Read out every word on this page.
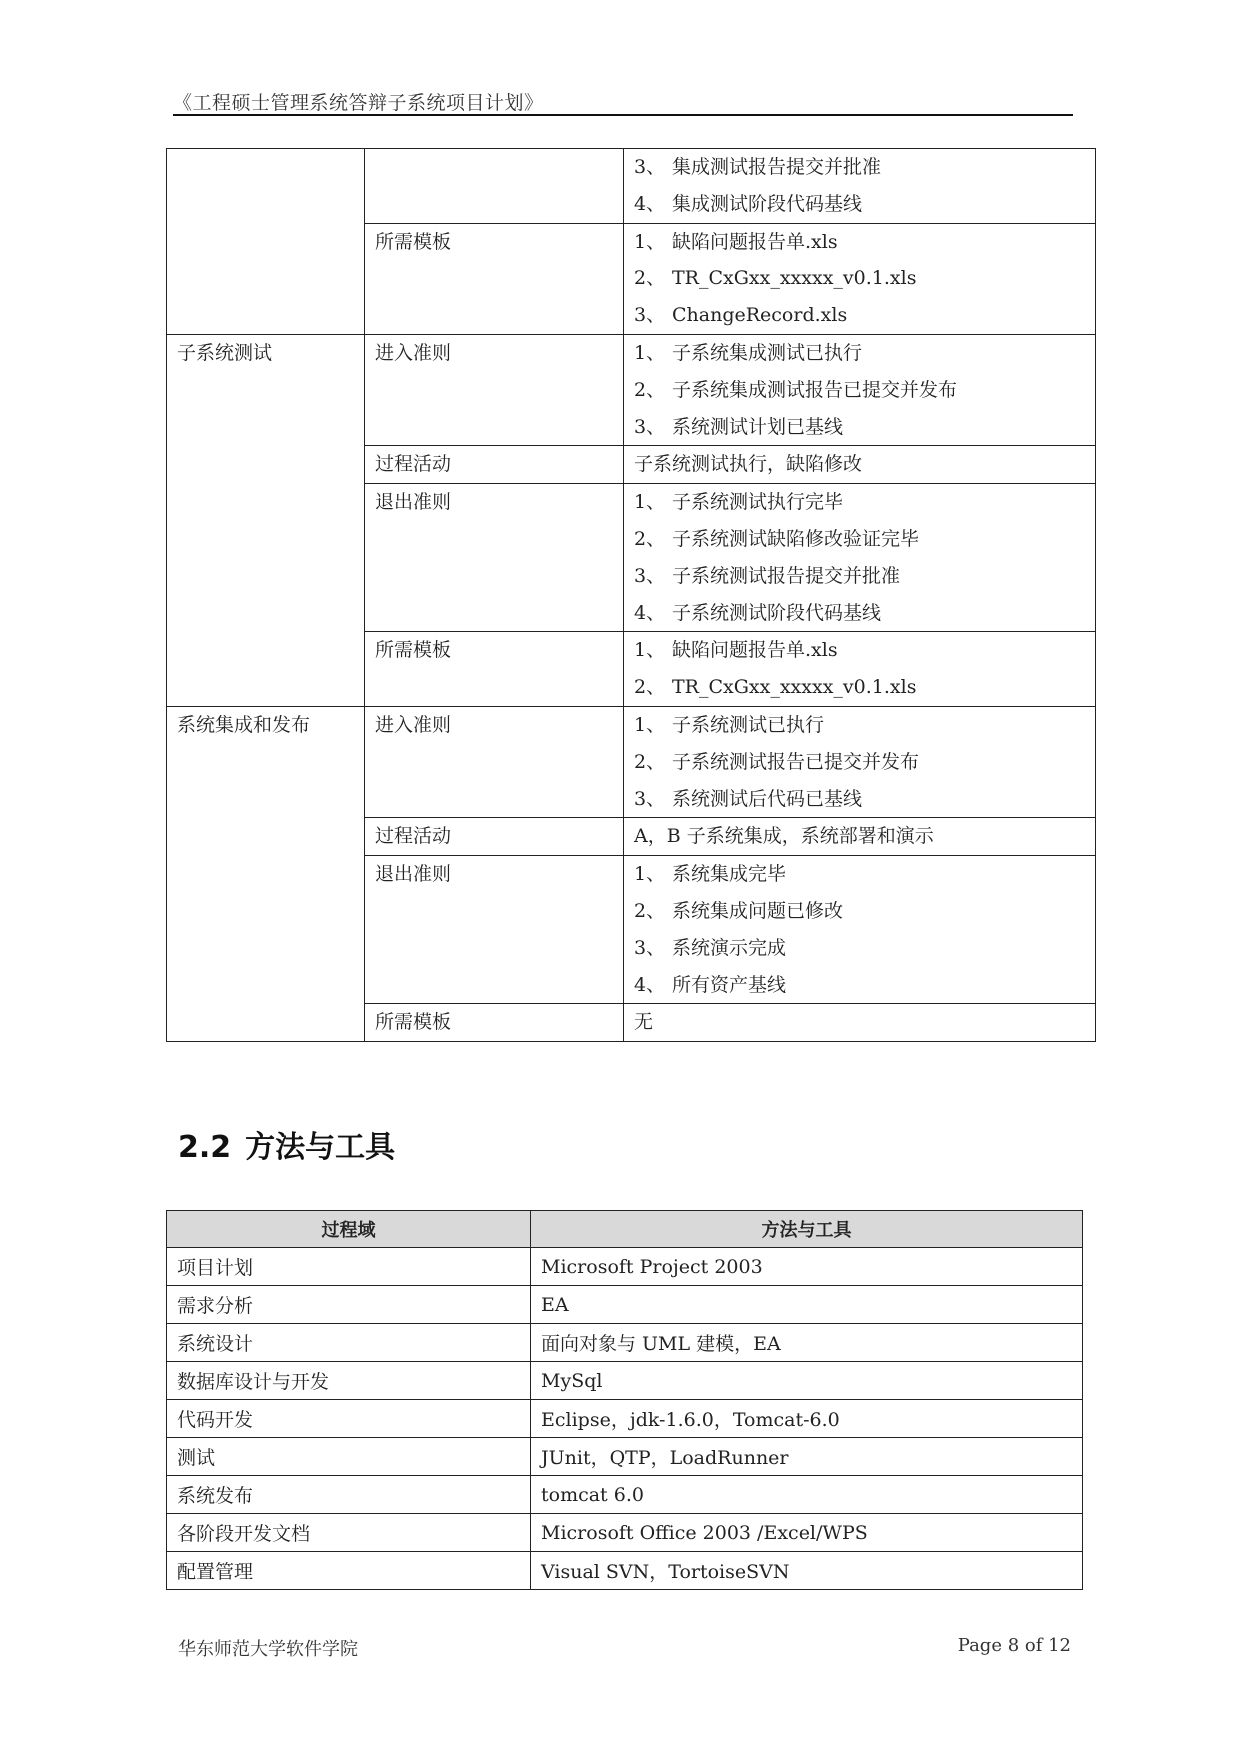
《工程硕士管理系统答辩子系统项目计划》

		3、 集成测试报告提交并批准
4、 集成测试阶段代码基线

	所需模板	1、 缺陷问题报告单.xls
2、 TR_CxGxx_xxxxx_v0.1.xls
3、 ChangeRecord.xls

子系统测试	进入准则	1、 子系统集成测试已执行
2、 子系统集成测试报告已提交并发布
3、 系统测试计划已基线

	过程活动	子系统测试执行，缺陷修改

	退出准则	1、 子系统测试执行完毕
2、 子系统测试缺陷修改验证完毕
3、 子系统测试报告提交并批准
4、 子系统测试阶段代码基线

	所需模板	1、 缺陷问题报告单.xls
2、 TR_CxGxx_xxxxx_v0.1.xls

系统集成和发布	进入准则	1、 子系统测试已执行
2、 子系统测试报告已提交并发布
3、 系统测试后代码已基线

	过程活动	A，B 子系统集成，系统部署和演示

	退出准则	1、 系统集成完毕
2、 系统集成问题已修改
3、 系统演示完成
4、 所有资产基线

	所需模板	无
2.2 方法与工具
过程域	方法与工具
项目计划	Microsoft Project 2003
需求分析	EA
系统设计	面向对象与 UML 建模，EA
数据库设计与开发	MySql
代码开发	Eclipse，jdk-1.6.0，Tomcat-6.0
测试	JUnit，QTP，LoadRunner
系统发布	tomcat 6.0
各阶段开发文档	Microsoft Office 2003 /Excel/WPS
配置管理	Visual SVN，TortoiseSVN
华东师范大学软件学院	Page 8 of 12
